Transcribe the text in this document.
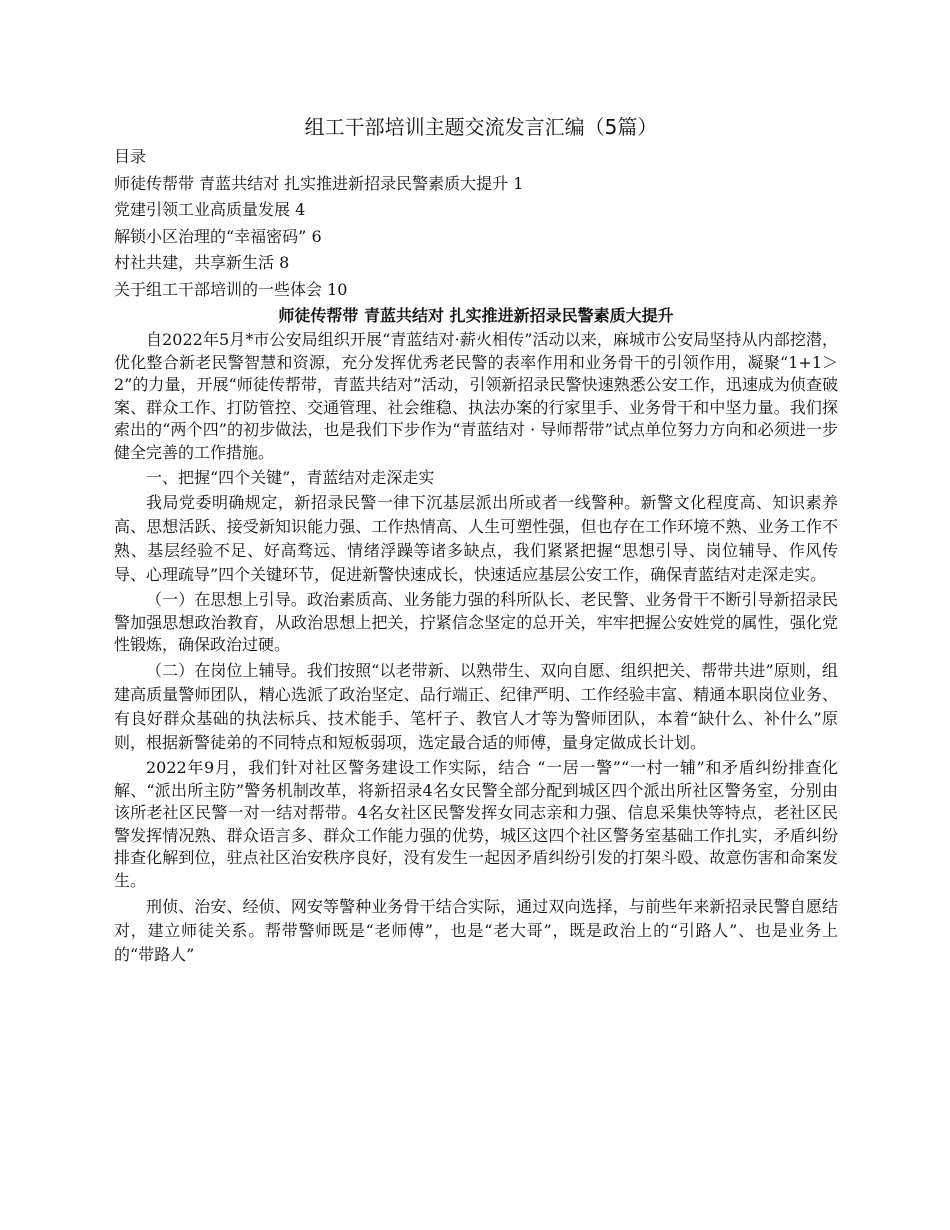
组工干部培训主题交流发言汇编（5篇）
目录
师徒传帮带 青蓝共结对 扎实推进新招录民警素质大提升 1
党建引领工业高质量发展 4
解锁小区治理的“幸福密码” 6
村社共建，共享新生活 8
关于组工干部培训的一些体会 10
师徒传帮带 青蓝共结对 扎实推进新招录民警素质大提升

自2022年5月*市公安局组织开展“青蓝结对·薪火相传”活动以来，麻城市公安局坚持从内部挖潜，优化整合新老民警智慧和资源，充分发挥优秀老民警的表率作用和业务骨干的引领作用，凝聚“1+1＞2”的力量，开展“师徒传帮带，青蓝共结对”活动，引领新招录民警快速熟悉公安工作，迅速成为侦查破案、群众工作、打防管控、交通管理、社会维稳、执法办案的行家里手、业务骨干和中坚力量。我们探索出的“两个四”的初步做法，也是我们下步作为“青蓝结对 · 导师帮带”试点单位努力方向和必须进一步健全完善的工作措施。

一、把握“四个关键”，青蓝结对走深走实

我局党委明确规定，新招录民警一律下沉基层派出所或者一线警种。新警文化程度高、知识素养高、思想活跃、接受新知识能力强、工作热情高、人生可塑性强，但也存在工作环境不熟、业务工作不熟、基层经验不足、好高骛远、情绪浮躁等诸多缺点，我们紧紧把握“思想引导、岗位辅导、作风传导、心理疏导”四个关键环节，促进新警快速成长，快速适应基层公安工作，确保青蓝结对走深走实。

（一）在思想上引导。政治素质高、业务能力强的科所队长、老民警、业务骨干不断引导新招录民警加强思想政治教育，从政治思想上把关，拧紧信念坚定的总开关，牢牢把握公安姓党的属性，强化党性锻炼，确保政治过硬。

（二）在岗位上辅导。我们按照“以老带新、以熟带生、双向自愿、组织把关、帮带共进”原则，组建高质量警师团队，精心选派了政治坚定、品行端正、纪律严明、工作经验丰富、精通本职岗位业务、有良好群众基础的执法标兵、技术能手、笔杆子、教官人才等为警师团队，本着“缺什么、补什么”原则，根据新警徒弟的不同特点和短板弱项，选定最合适的师傅，量身定做成长计划。

2022年9月，我们针对社区警务建设工作实际，结合 “一居一警”“一村一辅”和矛盾纠纷排查化解、“派出所主防”警务机制改革，将新招录4名女民警全部分配到城区四个派出所社区警务室，分别由该所老社区民警一对一结对帮带。4名女社区民警发挥女同志亲和力强、信息采集快等特点，老社区民警发挥情况熟、群众语言多、群众工作能力强的优势，城区这四个社区警务室基础工作扎实，矛盾纠纷排查化解到位，驻点社区治安秩序良好，没有发生一起因矛盾纠纷引发的打架斗殴、故意伤害和命案发生。

刑侦、治安、经侦、网安等警种业务骨干结合实际，通过双向选择，与前些年来新招录民警自愿结对，建立师徒关系。帮带警师既是“老师傅”，也是“老大哥”，既是政治上的“引路人”、也是业务上的“带路人”
